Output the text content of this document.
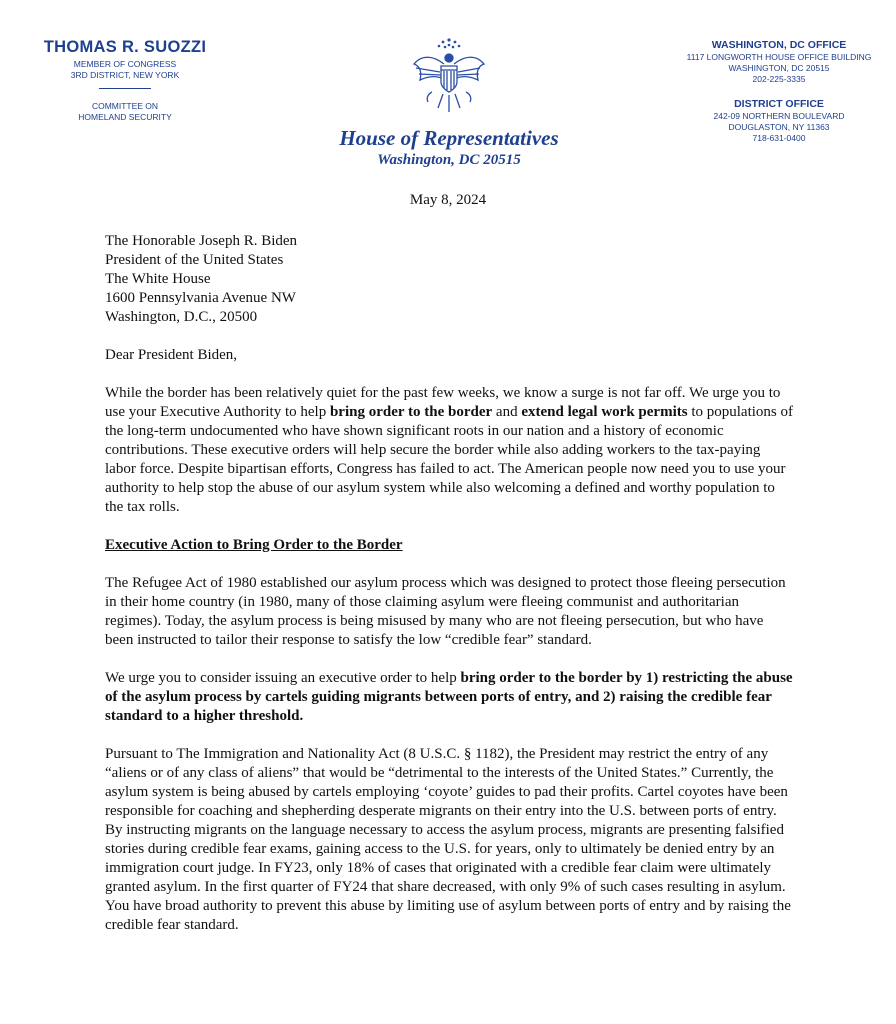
THOMAS R. SUOZZI
MEMBER OF CONGRESS
3RD DISTRICT, NEW YORK
COMMITTEE ON
HOMELAND SECURITY
House of Representatives
Washington, DC 20515
WASHINGTON, DC OFFICE
1117 LONGWORTH HOUSE OFFICE BUILDING
WASHINGTON, DC 20515
202-225-3335
DISTRICT OFFICE
242-09 NORTHERN BOULEVARD
DOUGLASTON, NY 11363
718-631-0400
May 8, 2024

The Honorable Joseph R. Biden

President of the United States

The White House

1600 Pennsylvania Avenue NW

Washington, D.C., 20500

Dear President Biden,

While the border has been relatively quiet for the past few weeks, we know a surge is not far off. We urge you to use your Executive Authority to help bring order to the border and extend legal work permits to populations of the long-term undocumented who have shown significant roots in our nation and a history of economic contributions. These executive orders will help secure the border while also adding workers to the tax-paying labor force. Despite bipartisan efforts, Congress has failed to act. The American people now need you to use your authority to help stop the abuse of our asylum system while also welcoming a defined and worthy population to the tax rolls.

Executive Action to Bring Order to the Border

The Refugee Act of 1980 established our asylum process which was designed to protect those fleeing persecution in their home country (in 1980, many of those claiming asylum were fleeing communist and authoritarian regimes). Today, the asylum process is being misused by many who are not fleeing persecution, but who have been instructed to tailor their response to satisfy the low “credible fear” standard.

We urge you to consider issuing an executive order to help bring order to the border by 1) restricting the abuse of the asylum process by cartels guiding migrants between ports of entry, and 2) raising the credible fear standard to a higher threshold.

Pursuant to The Immigration and Nationality Act (8 U.S.C. § 1182), the President may restrict the entry of any “aliens or of any class of aliens” that would be “detrimental to the interests of the United States.” Currently, the asylum system is being abused by cartels employing ‘coyote’ guides to pad their profits. Cartel coyotes have been responsible for coaching and shepherding desperate migrants on their entry into the U.S. between ports of entry. By instructing migrants on the language necessary to access the asylum process, migrants are presenting falsified stories during credible fear exams, gaining access to the U.S. for years, only to ultimately be denied entry by an immigration court judge. In FY23, only 18% of cases that originated with a credible fear claim were ultimately granted asylum. In the first quarter of FY24 that share decreased, with only 9% of such cases resulting in asylum. You have broad authority to prevent this abuse by limiting use of asylum between ports of entry and by raising the credible fear standard.
